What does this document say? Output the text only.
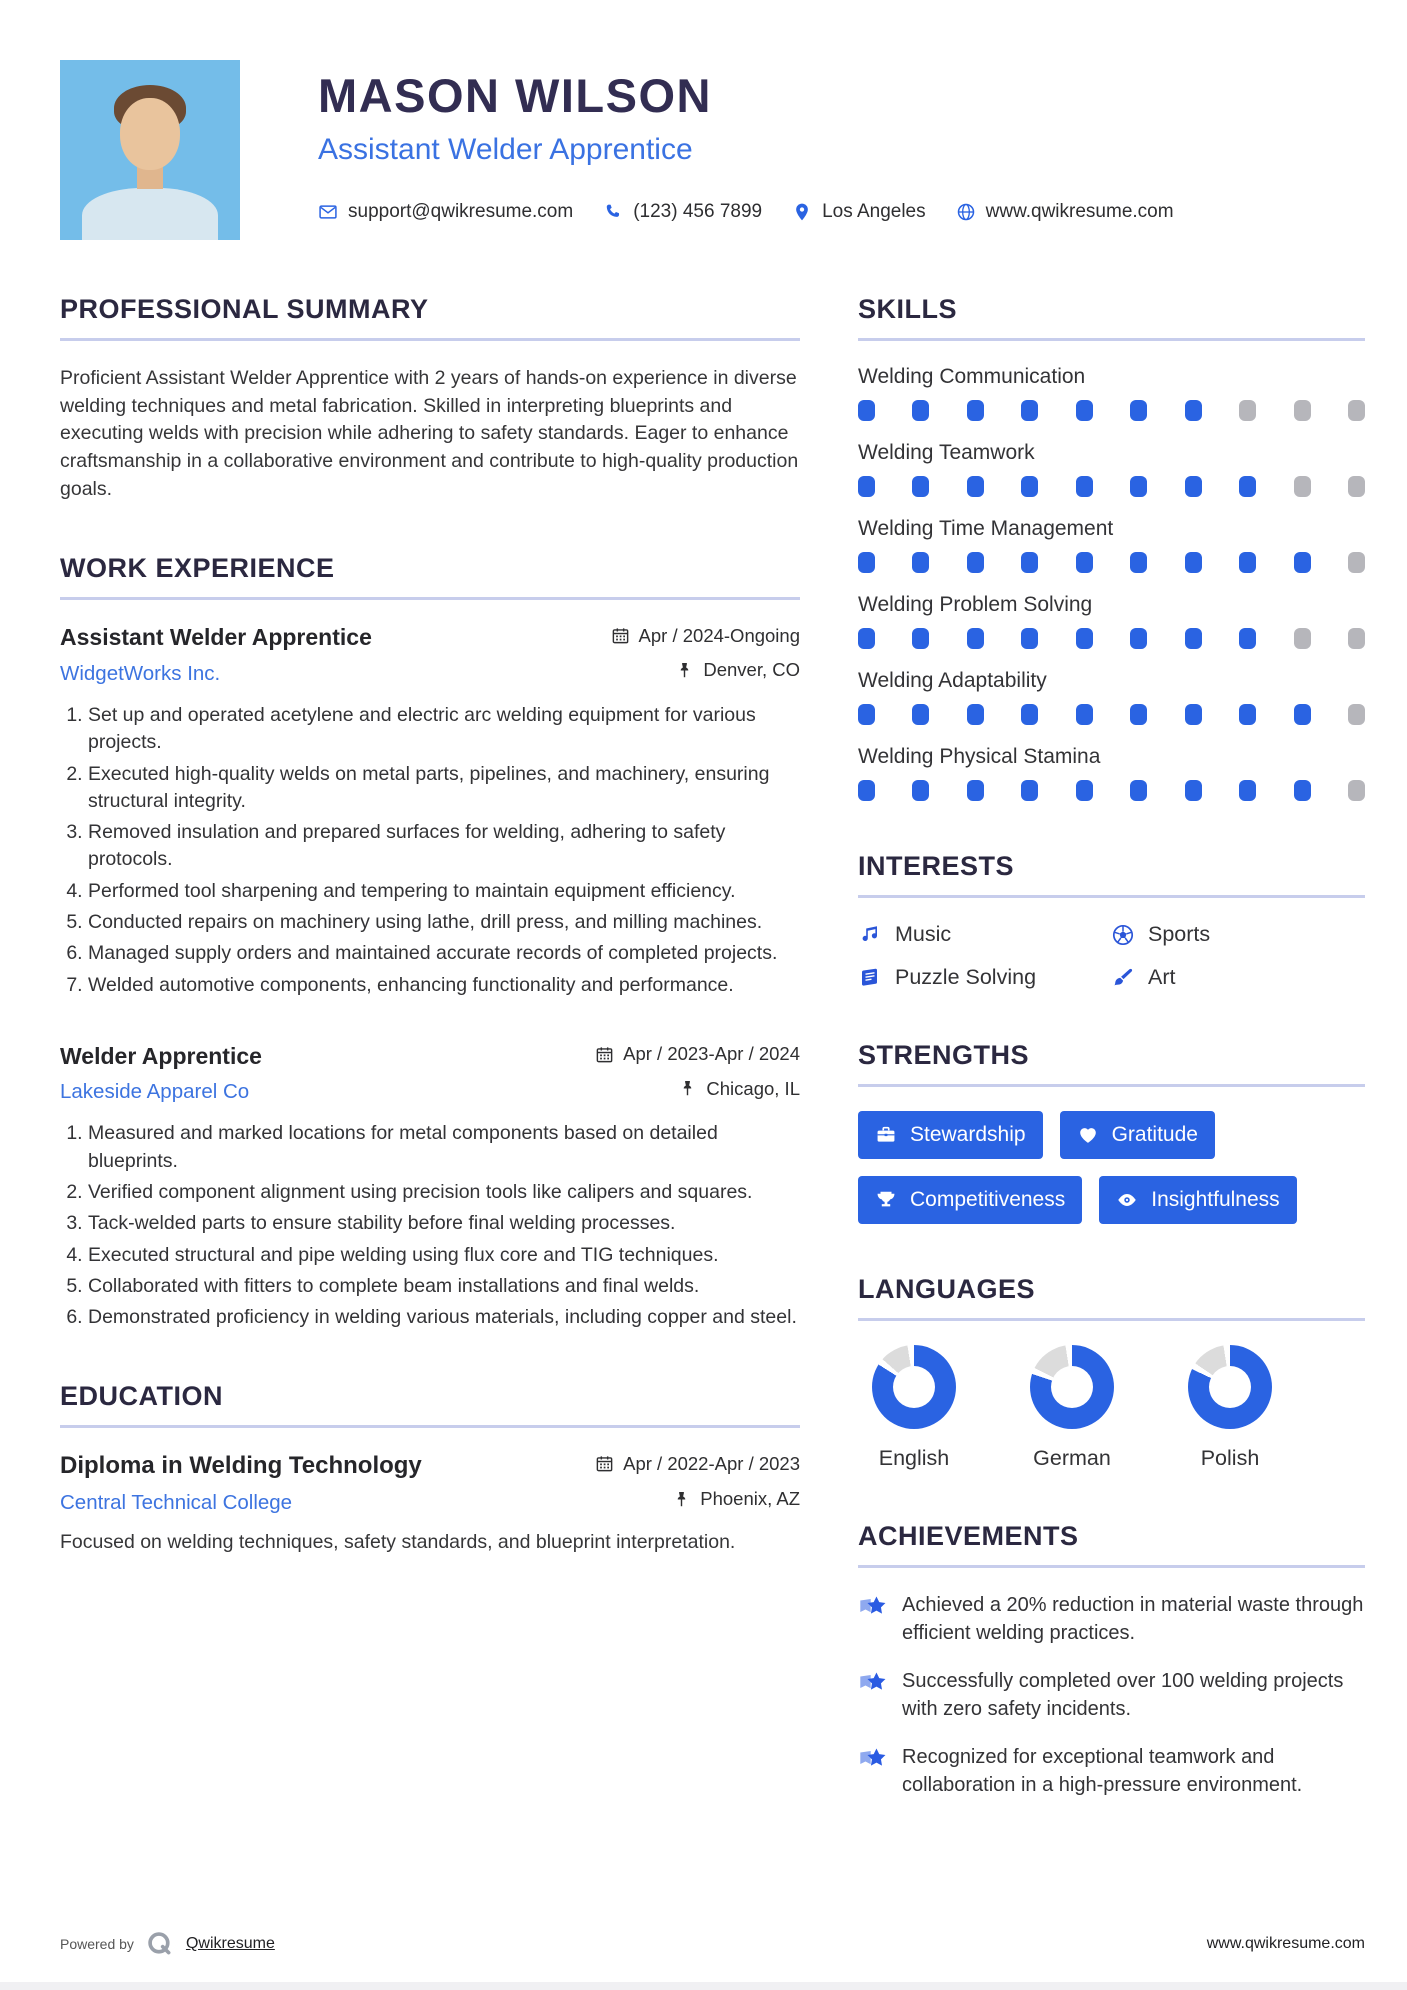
MASON WILSON
Assistant Welder Apprentice
support@qwikresume.com	(123) 456 7899	Los Angeles	www.qwikresume.com
PROFESSIONAL SUMMARY

Proficient Assistant Welder Apprentice with 2 years of hands-on experience in diverse welding techniques and metal fabrication. Skilled in interpreting blueprints and executing welds with precision while adhering to safety standards. Eager to enhance craftsmanship in a collaborative environment and contribute to high-quality production goals.

WORK EXPERIENCE
Assistant Welder Apprentice	Apr / 2024-Ongoing
WidgetWorks Inc.	Denver, CO
1. Set up and operated acetylene and electric arc welding equipment for various projects.
2. Executed high-quality welds on metal parts, pipelines, and machinery, ensuring structural integrity.
3. Removed insulation and prepared surfaces for welding, adhering to safety protocols.
4. Performed tool sharpening and tempering to maintain equipment efficiency.
5. Conducted repairs on machinery using lathe, drill press, and milling machines.
6. Managed supply orders and maintained accurate records of completed projects.
7. Welded automotive components, enhancing functionality and performance.
Welder Apprentice	Apr / 2023-Apr / 2024
Lakeside Apparel Co	Chicago, IL
1. Measured and marked locations for metal components based on detailed blueprints.
2. Verified component alignment using precision tools like calipers and squares.
3. Tack-welded parts to ensure stability before final welding processes.
4. Executed structural and pipe welding using flux core and TIG techniques.
5. Collaborated with fitters to complete beam installations and final welds.
6. Demonstrated proficiency in welding various materials, including copper and steel.
EDUCATION
Diploma in Welding Technology	Apr / 2022-Apr / 2023
Central Technical College	Phoenix, AZ

Focused on welding techniques, safety standards, and blueprint interpretation.

SKILLS
Welding Communication
Welding Teamwork
Welding Time Management
Welding Problem Solving
Welding Adaptability
Welding Physical Stamina
INTERESTS
Music	Sports
Puzzle Solving	Art
STRENGTHS
Stewardship	Gratitude
Competitiveness	Insightfulness
LANGUAGES
English	German	Polish
ACHIEVEMENTS
Achieved a 20% reduction in material waste through efficient welding practices.
Successfully completed over 100 welding projects with zero safety incidents.
Recognized for exceptional teamwork and collaboration in a high-pressure environment.
Powered by	Qwikresume	www.qwikresume.com
